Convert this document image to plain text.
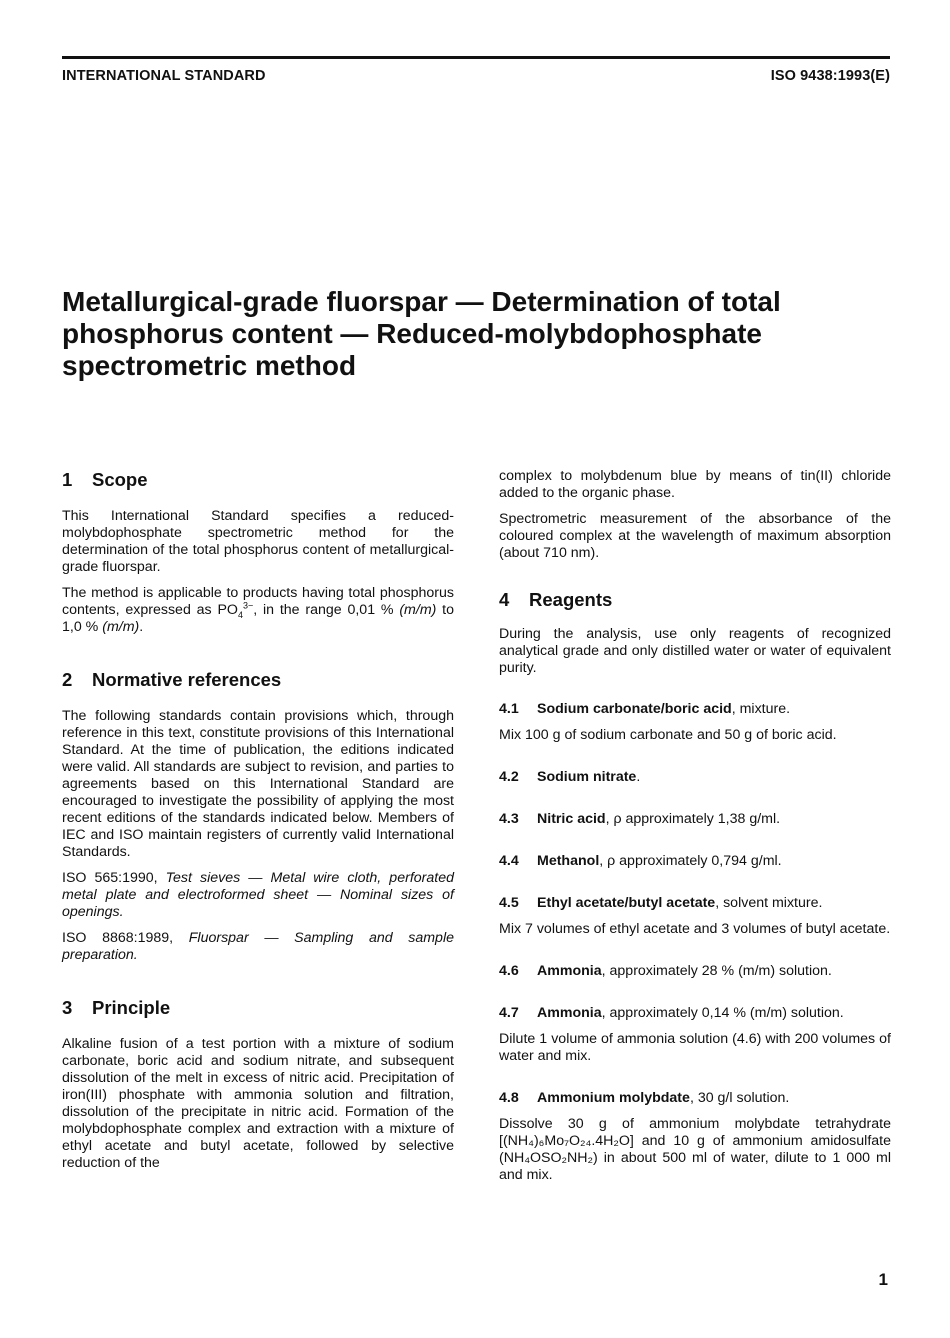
INTERNATIONAL STANDARD	ISO 9438:1993(E)
Metallurgical-grade fluorspar — Determination of total
phosphorus content — Reduced-molybdophosphate
spectrometric method
1 Scope

This International Standard specifies a reduced-molybdophosphate spectrometric method for the determination of the total phosphorus content of metallurgical-grade fluorspar.

The method is applicable to products having total phosphorus contents, expressed as $PO_4^{3-}$, in the range 0,01 % (m/m) to 1,0 % (m/m).

2 Normative references

The following standards contain provisions which, through reference in this text, constitute provisions of this International Standard. At the time of publication, the editions indicated were valid. All standards are subject to revision, and parties to agreements based on this International Standard are encouraged to investigate the possibility of applying the most recent editions of the standards indicated below. Members of IEC and ISO maintain registers of currently valid International Standards.

ISO 565:1990, Test sieves — Metal wire cloth, perforated metal plate and electroformed sheet — Nominal sizes of openings.

ISO 8868:1989, Fluorspar — Sampling and sample preparation.

3 Principle

Alkaline fusion of a test portion with a mixture of sodium carbonate, boric acid and sodium nitrate, and subsequent dissolution of the melt in excess of nitric acid. Precipitation of iron(III) phosphate with ammonia solution and filtration, dissolution of the precipitate in nitric acid. Formation of the molybdophosphate complex and extraction with a mixture of ethyl acetate and butyl acetate, followed by selective reduction of the

complex to molybdenum blue by means of tin(II) chloride added to the organic phase.

Spectrometric measurement of the absorbance of the coloured complex at the wavelength of maximum absorption (about 710 nm).

4 Reagents

During the analysis, use only reagents of recognized analytical grade and only distilled water or water of equivalent purity.

4.1 Sodium carbonate/boric acid, mixture.

Mix 100 g of sodium carbonate and 50 g of boric acid.

4.2 Sodium nitrate.

4.3 Nitric acid, ρ approximately 1,38 g/ml.

4.4 Methanol, ρ approximately 0,794 g/ml.

4.5 Ethyl acetate/butyl acetate, solvent mixture.

Mix 7 volumes of ethyl acetate and 3 volumes of butyl acetate.

4.6 Ammonia, approximately 28 % (m/m) solution.

4.7 Ammonia, approximately 0,14 % (m/m) solution.

Dilute 1 volume of ammonia solution (4.6) with 200 volumes of water and mix.

4.8 Ammonium molybdate, 30 g/l solution.

Dissolve 30 g of ammonium molybdate tetrahydrate [(NH₄)₆Mo₇O₂₄.4H₂O] and 10 g of ammonium amidosulfate (NH₄OSO₂NH₂) in about 500 ml of water, dilute to 1 000 ml and mix.

1
